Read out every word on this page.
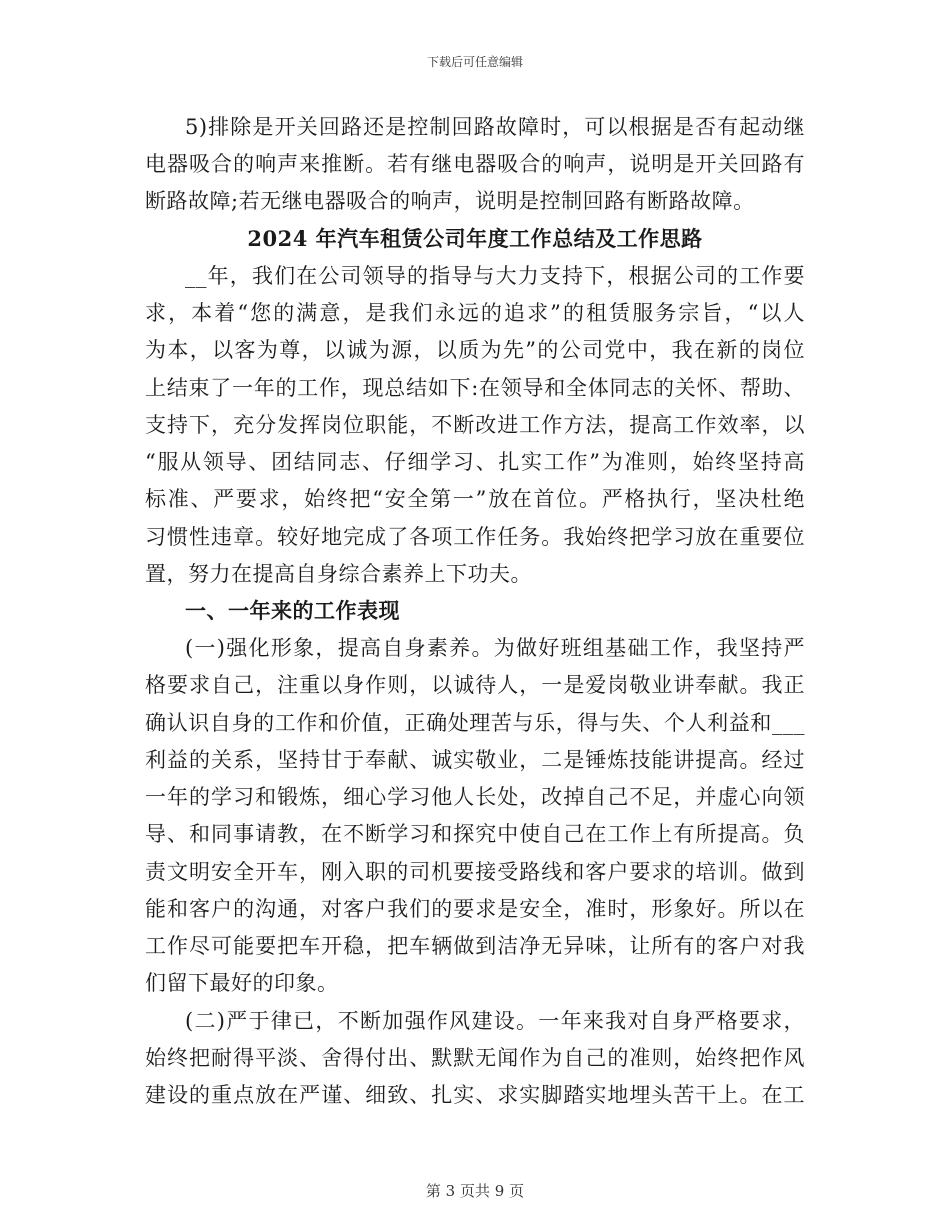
下载后可任意编辑
5)排除是开关回路还是控制回路故障时，可以根据是否有起动继
电器吸合的响声来推断。若有继电器吸合的响声，说明是开关回路有
断路故障;若无继电器吸合的响声，说明是控制回路有断路故障。
2024 年汽车租赁公司年度工作总结及工作思路
__年，我们在公司领导的指导与大力支持下，根据公司的工作要
求，本着“您的满意，是我们永远的追求”的租赁服务宗旨，“以人
为本，以客为尊，以诚为源，以质为先”的公司党中，我在新的岗位
上结束了一年的工作，现总结如下:在领导和全体同志的关怀、帮助、
支持下，充分发挥岗位职能，不断改进工作方法，提高工作效率，以
“服从领导、团结同志、仔细学习、扎实工作”为准则，始终坚持高
标准、严要求，始终把“安全第一”放在首位。严格执行，坚决杜绝
习惯性违章。较好地完成了各项工作任务。我始终把学习放在重要位
置，努力在提高自身综合素养上下功夫。
一、一年来的工作表现
(一)强化形象，提高自身素养。为做好班组基础工作，我坚持严
格要求自己，注重以身作则，以诚待人，一是爱岗敬业讲奉献。我正
确认识自身的工作和价值，正确处理苦与乐，得与失、个人利益和___
利益的关系，坚持甘于奉献、诚实敬业，二是锤炼技能讲提高。经过
一年的学习和锻炼，细心学习他人长处，改掉自己不足，并虚心向领
导、和同事请教，在不断学习和探究中使自己在工作上有所提高。负
责文明安全开车，刚入职的司机要接受路线和客户要求的培训。做到
能和客户的沟通，对客户我们的要求是安全，准时，形象好。所以在
工作尽可能要把车开稳，把车辆做到洁净无异味，让所有的客户对我
们留下最好的印象。
(二)严于律已，不断加强作风建设。一年来我对自身严格要求，
始终把耐得平淡、舍得付出、默默无闻作为自己的准则，始终把作风
建设的重点放在严谨、细致、扎实、求实脚踏实地埋头苦干上。在工
第 3 页共 9 页
